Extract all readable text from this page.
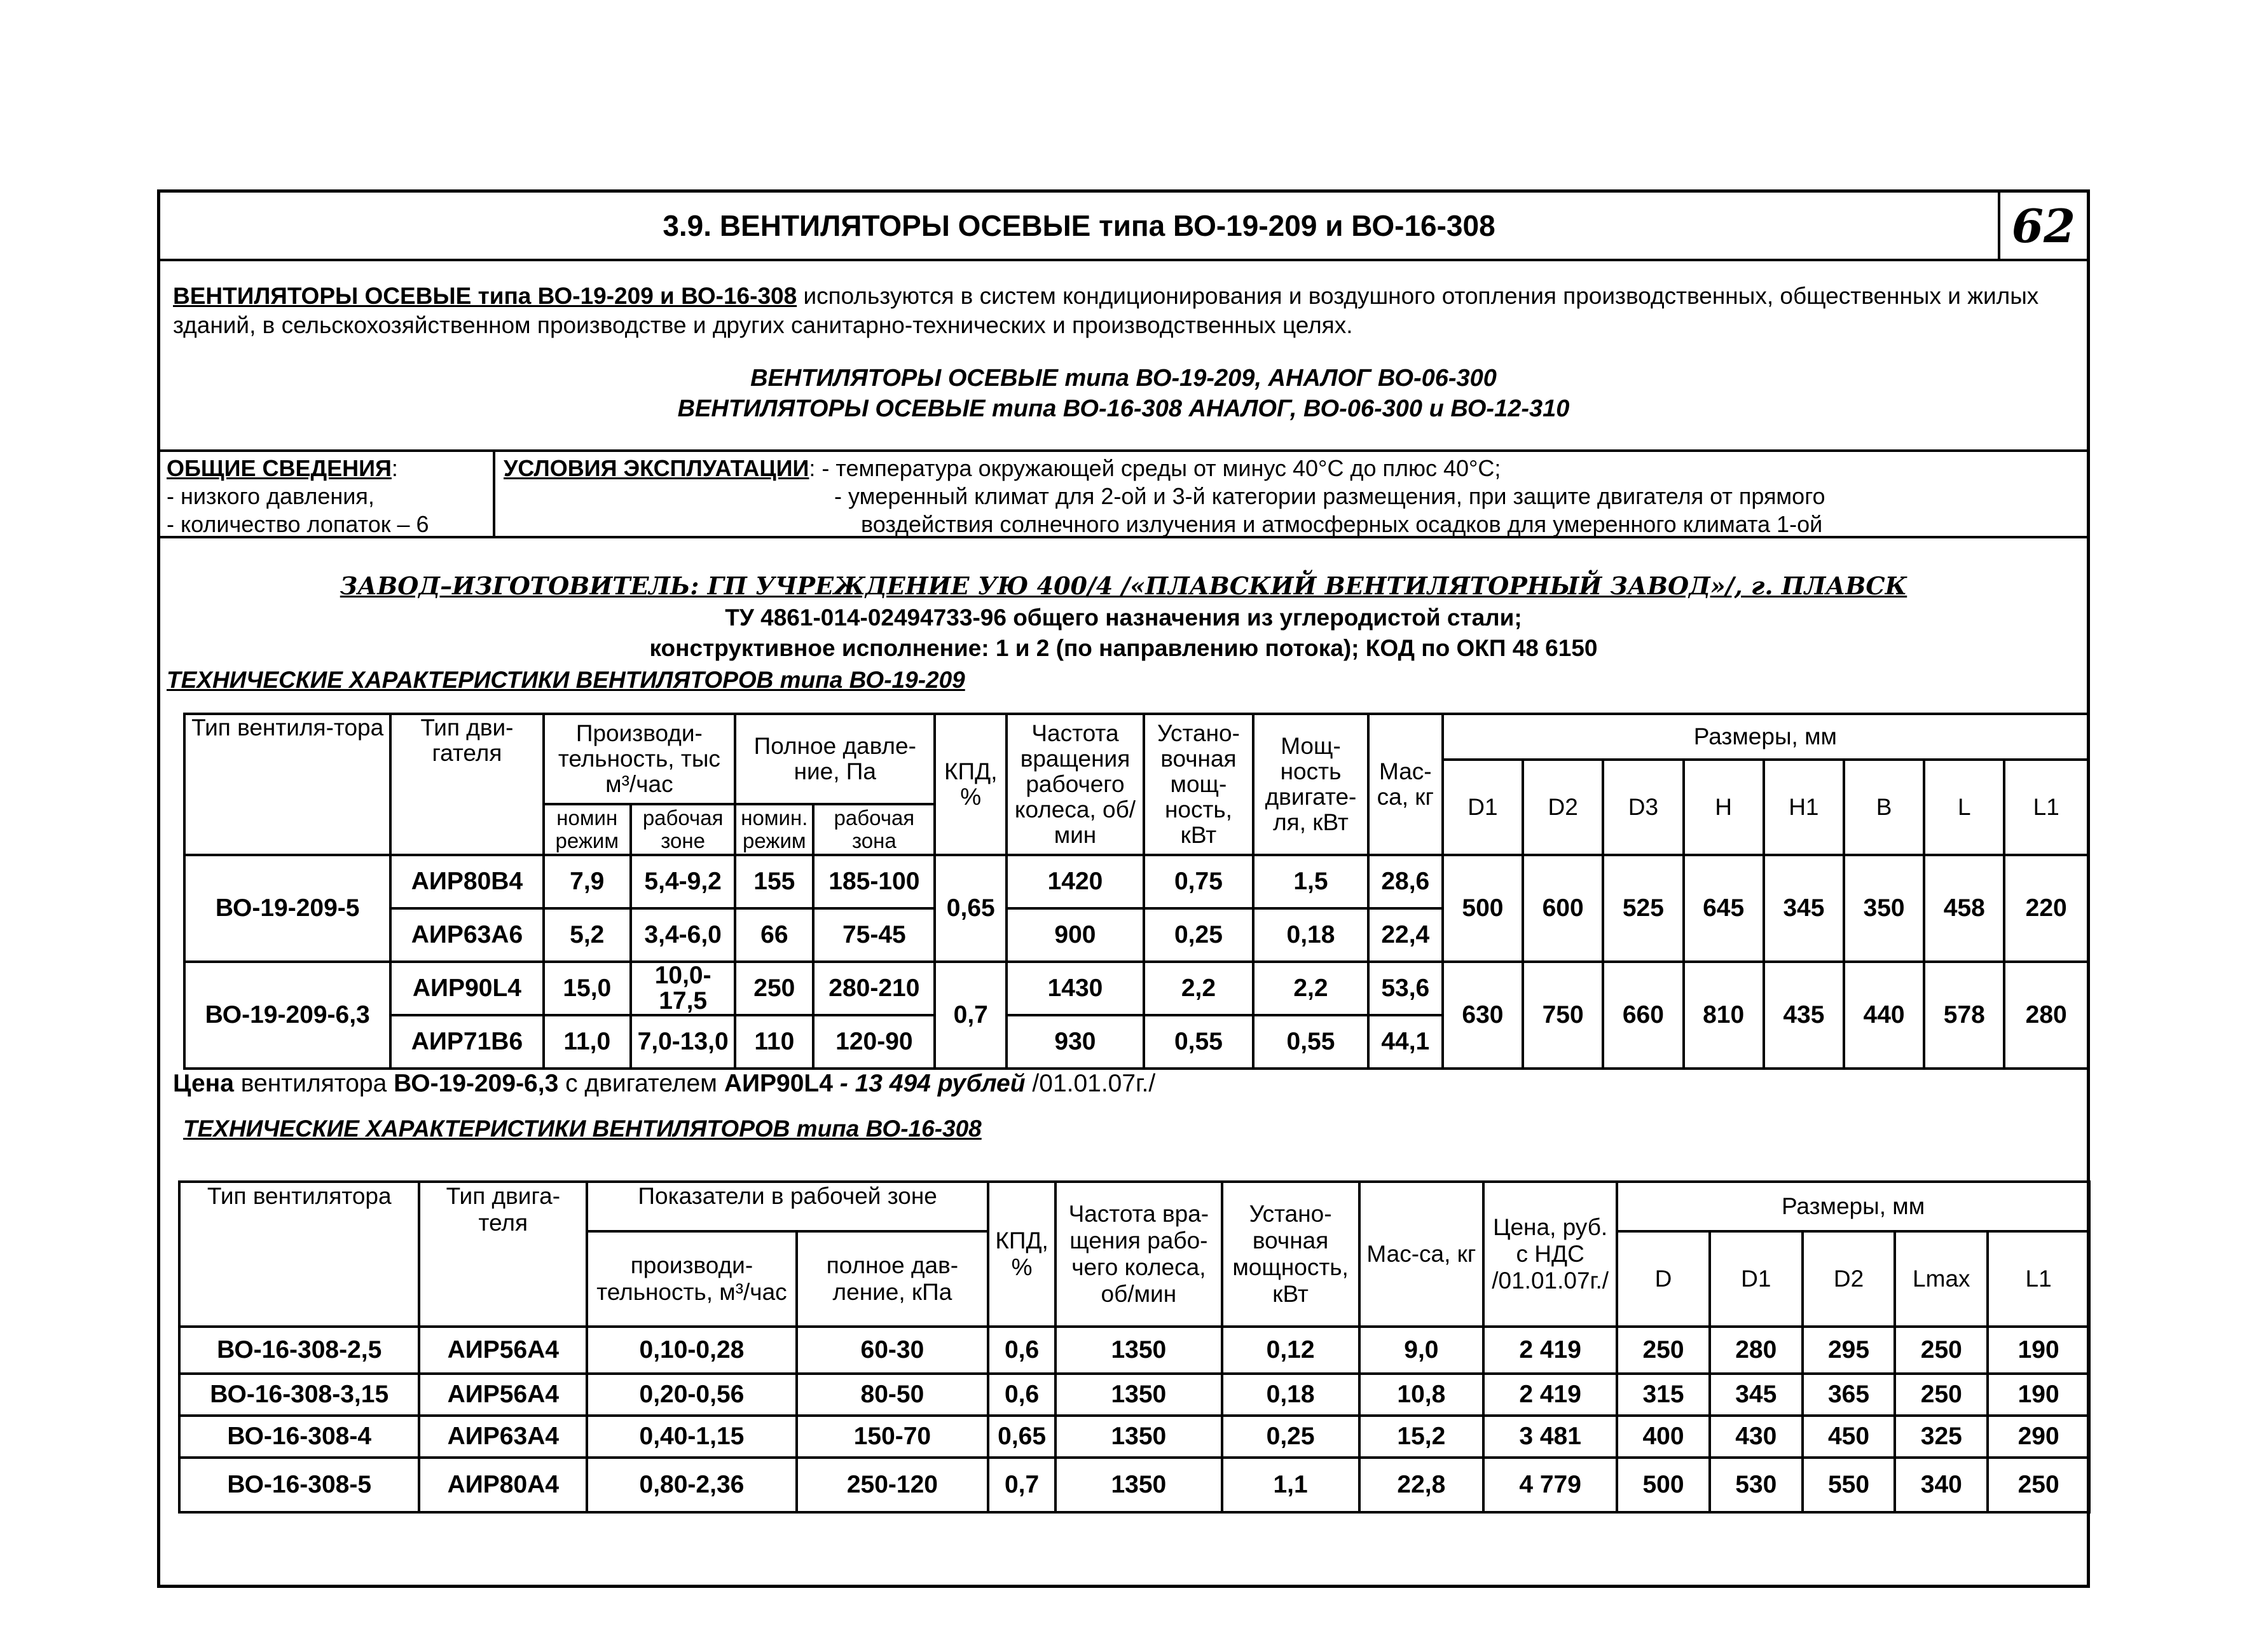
3.9. ВЕНТИЛЯТОРЫ ОСЕВЫЕ типа ВО-19-209 и ВО-16-308	62
ВЕНТИЛЯТОРЫ ОСЕВЫЕ типа ВО-19-209 и ВО-16-308 используются в систем кондиционирования и воздушного отопления производственных, общественных и жилых зданий, в сельскохозяйственном производстве и других санитарно-технических и производственных целях.
ВЕНТИЛЯТОРЫ ОСЕВЫЕ типа ВО-19-209, АНАЛОГ ВО-06-300
ВЕНТИЛЯТОРЫ ОСЕВЫЕ типа ВО-16-308 АНАЛОГ, ВО-06-300 и ВО-12-310
ОБЩИЕ СВЕДЕНИЯ:
- низкого давления,
- количество лопаток – 6
УСЛОВИЯ ЭКСПЛУАТАЦИИ: - температура окружающей среды от минус 40°С до плюс 40°С;
- умеренный климат для 2-ой и 3-й категории размещения, при защите двигателя от прямого
воздействия солнечного излучения и атмосферных осадков для умеренного климата 1-ой
ЗАВОД–ИЗГОТОВИТЕЛЬ: ГП УЧРЕЖДЕНИЕ УЮ 400/4 /«ПЛАВСКИЙ ВЕНТИЛЯТОРНЫЙ ЗАВОД»/, г. ПЛАВСК
ТУ 4861-014-02494733-96 общего назначения из углеродистой стали;
конструктивное исполнение: 1 и 2 (по направлению потока); КОД по ОКП 48 6150
ТЕХНИЧЕСКИЕ ХАРАКТЕРИСТИКИ ВЕНТИЛЯТОРОВ типа ВО-19-209
Тип вентиля-тора	Тип дви-гателя	Производи-тельность, тыс м³/час		Полное давле-ние, Па		КПД, %	Частота вращения рабочего колеса, об/мин	Устано-вочная мощ-ность, кВт	Мощ-ность двигате-ля, кВт	Мас-са, кг	Размеры, мм							
											D1	D2	D3	H	H1	B	L	L1
		номин режим	рабочая зоне	номин. режим	рабочая зона													
ВО-19-209-5	АИР80В4	7,9	5,4-9,2	155	185-100	0,65	1420	0,75	1,5	28,6	500	600	525	645	345	350	458	220
	АИР63А6	5,2	3,4-6,0	66	75-45		900	0,25	0,18	22,4								
ВО-19-209-6,3	АИР90L4	15,0	10,0-17,5	250	280-210	0,7	1430	2,2	2,2	53,6	630	750	660	810	435	440	578	280
	АИР71В6	11,0	7,0-13,0	110	120-90		930	0,55	0,55	44,1								
Цена вентилятора ВО-19-209-6,3 с двигателем АИР90L4 - 13 494 рублей /01.01.07г./
ТЕХНИЧЕСКИЕ ХАРАКТЕРИСТИКИ ВЕНТИЛЯТОРОВ типа ВО-16-308
Тип вентилятора	Тип двига-теля	Показатели в рабочей зоне		КПД, %	Частота вра-щения рабо-чего колеса, об/мин	Устано-вочная мощность, кВт	Мас-са, кг	Цена, руб. с НДС /01.01.07г./	Размеры, мм				
		производи-тельность, м³/час	полное дав-ление, кПа						D	D1	D2	Lmax	L1
ВО-16-308-2,5	АИР56А4	0,10-0,28	60-30	0,6	1350	0,12	9,0	2 419	250	280	295	250	190
ВО-16-308-3,15	АИР56А4	0,20-0,56	80-50	0,6	1350	0,18	10,8	2 419	315	345	365	250	190
ВО-16-308-4	АИР63А4	0,40-1,15	150-70	0,65	1350	0,25	15,2	3 481	400	430	450	325	290
ВО-16-308-5	АИР80А4	0,80-2,36	250-120	0,7	1350	1,1	22,8	4 779	500	530	550	340	250
